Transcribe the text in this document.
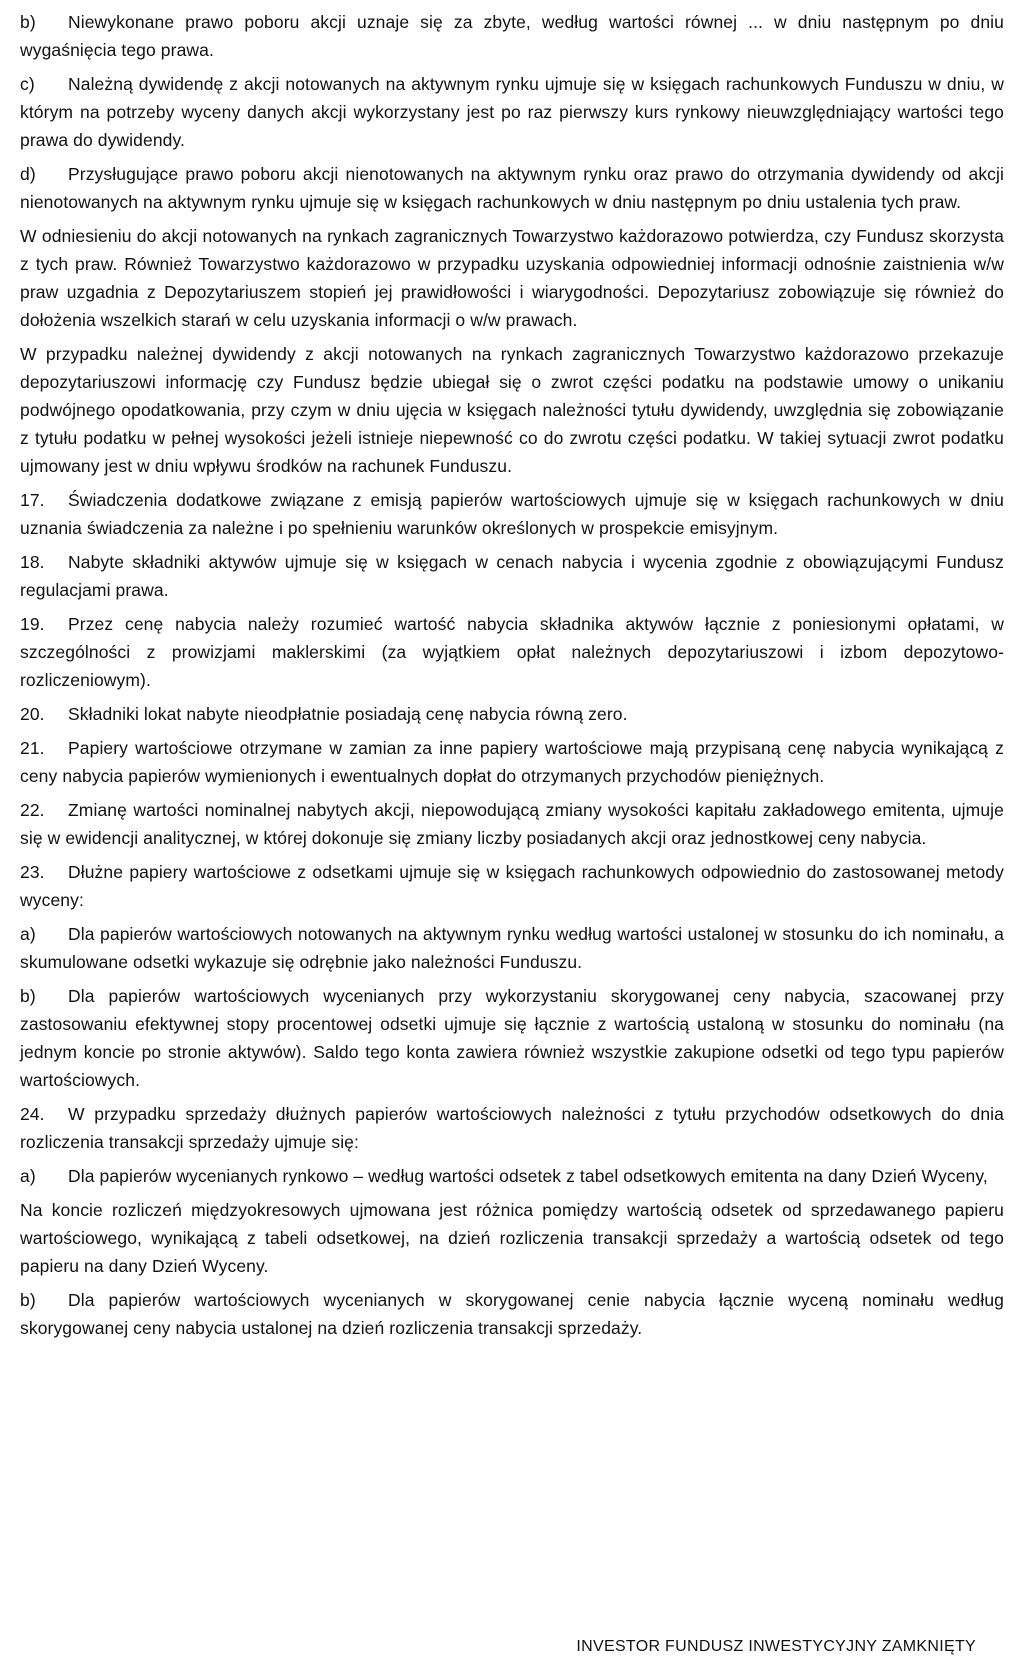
b) Niewykonane prawo poboru akcji uznaje się za zbyte, według wartości równej ... w dniu następnym po dniu wygaśnięcia tego prawa.

c) Należną dywidendę z akcji notowanych na aktywnym rynku ujmuje się w księgach rachunkowych Funduszu w dniu, w którym na potrzeby wyceny danych akcji wykorzystany jest po raz pierwszy kurs rynkowy nieuwzględniający wartości tego prawa do dywidendy.

d) Przysługujące prawo poboru akcji nienotowanych na aktywnym rynku oraz prawo do otrzymania dywidendy od akcji nienotowanych na aktywnym rynku ujmuje się w księgach rachunkowych w dniu następnym po dniu ustalenia tych praw.

W odniesieniu do akcji notowanych na rynkach zagranicznych Towarzystwo każdorazowo potwierdza, czy Fundusz skorzysta z tych praw. Również Towarzystwo każdorazowo w przypadku uzyskania odpowiedniej informacji odnośnie zaistnienia w/w praw uzgadnia z Depozytariuszem stopień jej prawidłowości i wiarygodności. Depozytariusz zobowiązuje się również do dołożenia wszelkich starań w celu uzyskania informacji o w/w prawach.

W przypadku należnej dywidendy z akcji notowanych na rynkach zagranicznych Towarzystwo każdorazowo przekazuje depozytariuszowi informację czy Fundusz będzie ubiegał się o zwrot części podatku na podstawie umowy o unikaniu podwójnego opodatkowania, przy czym w dniu ujęcia w księgach należności tytułu dywidendy, uwzględnia się zobowiązanie z tytułu podatku w pełnej wysokości jeżeli istnieje niepewność co do zwrotu części podatku. W takiej sytuacji zwrot podatku ujmowany jest w dniu wpływu środków na rachunek Funduszu.

17. Świadczenia dodatkowe związane z emisją papierów wartościowych ujmuje się w księgach rachunkowych w dniu uznania świadczenia za należne i po spełnieniu warunków określonych w prospekcie emisyjnym.

18. Nabyte składniki aktywów ujmuje się w księgach w cenach nabycia i wycenia zgodnie z obowiązującymi Fundusz regulacjami prawa.

19. Przez cenę nabycia należy rozumieć wartość nabycia składnika aktywów łącznie z poniesionymi opłatami, w szczególności z prowizjami maklerskimi (za wyjątkiem opłat należnych depozytariuszowi i izbom depozytowo-rozliczeniowym).

20. Składniki lokat nabyte nieodpłatnie posiadają cenę nabycia równą zero.

21. Papiery wartościowe otrzymane w zamian za inne papiery wartościowe mają przypisaną cenę nabycia wynikającą z ceny nabycia papierów wymienionych i ewentualnych dopłat do otrzymanych przychodów pieniężnych.

22. Zmianę wartości nominalnej nabytych akcji, niepowodującą zmiany wysokości kapitału zakładowego emitenta, ujmuje się w ewidencji analitycznej, w której dokonuje się zmiany liczby posiadanych akcji oraz jednostkowej ceny nabycia.

23. Dłużne papiery wartościowe z odsetkami ujmuje się w księgach rachunkowych odpowiednio do zastosowanej metody wyceny:

a) Dla papierów wartościowych notowanych na aktywnym rynku według wartości ustalonej w stosunku do ich nominału, a skumulowane odsetki wykazuje się odrębnie jako należności Funduszu.

b) Dla papierów wartościowych wycenianych przy wykorzystaniu skorygowanej ceny nabycia, szacowanej przy zastosowaniu efektywnej stopy procentowej odsetki ujmuje się łącznie z wartością ustaloną w stosunku do nominału (na jednym koncie po stronie aktywów). Saldo tego konta zawiera również wszystkie zakupione odsetki od tego typu papierów wartościowych.

24. W przypadku sprzedaży dłużnych papierów wartościowych należności z tytułu przychodów odsetkowych do dnia rozliczenia transakcji sprzedaży ujmuje się:

a) Dla papierów wycenianych rynkowo – według wartości odsetek z tabel odsetkowych emitenta na dany Dzień Wyceny,

Na koncie rozliczeń międzyokresowych ujmowana jest różnica pomiędzy wartością odsetek od sprzedawanego papieru wartościowego, wynikającą z tabeli odsetkowej, na dzień rozliczenia transakcji sprzedaży a wartością odsetek od tego papieru na dany Dzień Wyceny.

b) Dla papierów wartościowych wycenianych w skorygowanej cenie nabycia łącznie wyceną nominału według skorygowanej ceny nabycia ustalonej na dzień rozliczenia transakcji sprzedaży.

INVESTOR FUNDUSZ INWESTYCYJNY ZAMKNIĘTY
